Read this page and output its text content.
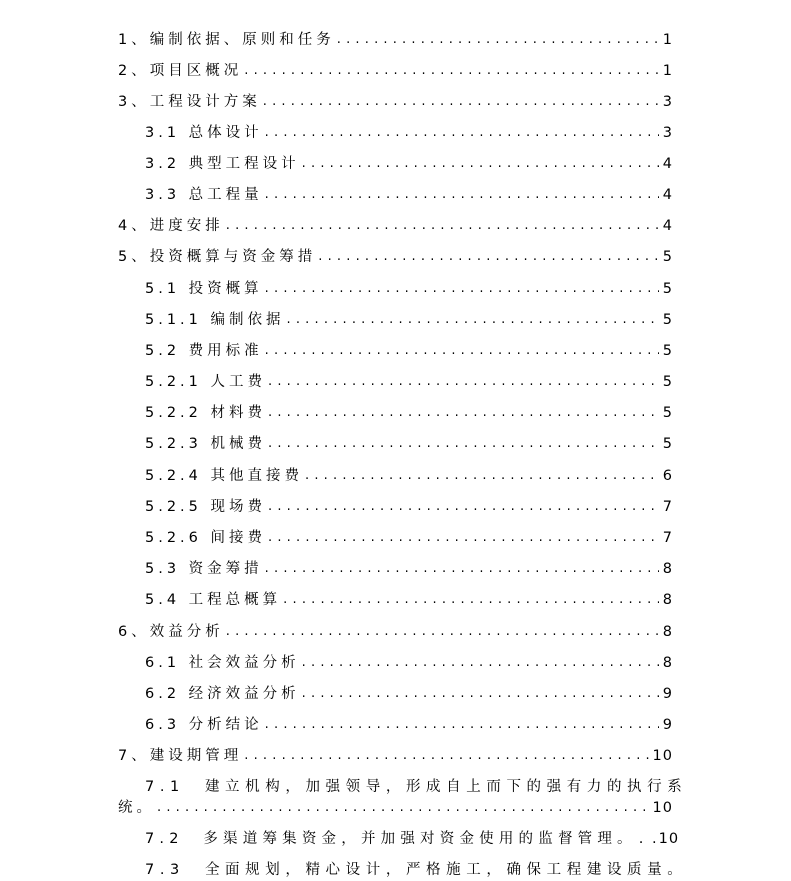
1、编制依据、原则和任务 .....	1
2、项目区概况 .....	1
3、工程设计方案 .....	3
3.1 总体设计 .....	3
3.2 典型工程设计 .....	4
3.3 总工程量 .....	4
4、进度安排 .....	4
5、投资概算与资金筹措 .....	5
5.1 投资概算 .....	5
5.1.1 编制依据 .....	5
5.2 费用标准 .....	5
5.2.1 人工费 .....	5
5.2.2 材料费 .....	5
5.2.3 机械费 .....	5
5.2.4 其他直接费 .....	6
5.2.5 现场费 .....	7
5.2.6 间接费 .....	7
5.3 资金筹措 .....	8
5.4 工程总概算 .....	8
6、效益分析 .....	8
6.1 社会效益分析 .....	8
6.2 经济效益分析 .....	9
6.3 分析结论 .....	9
7、建设期管理 .....	10
7.1　建立机构，加强领导，形成自上而下的强有力的执行系
统。 .....	10
7.2　多渠道筹集资金，并加强对资金使用的监督管理。 . . 10
7.3　全面规划，精心设计，严格施工，确保工程建设质量。
